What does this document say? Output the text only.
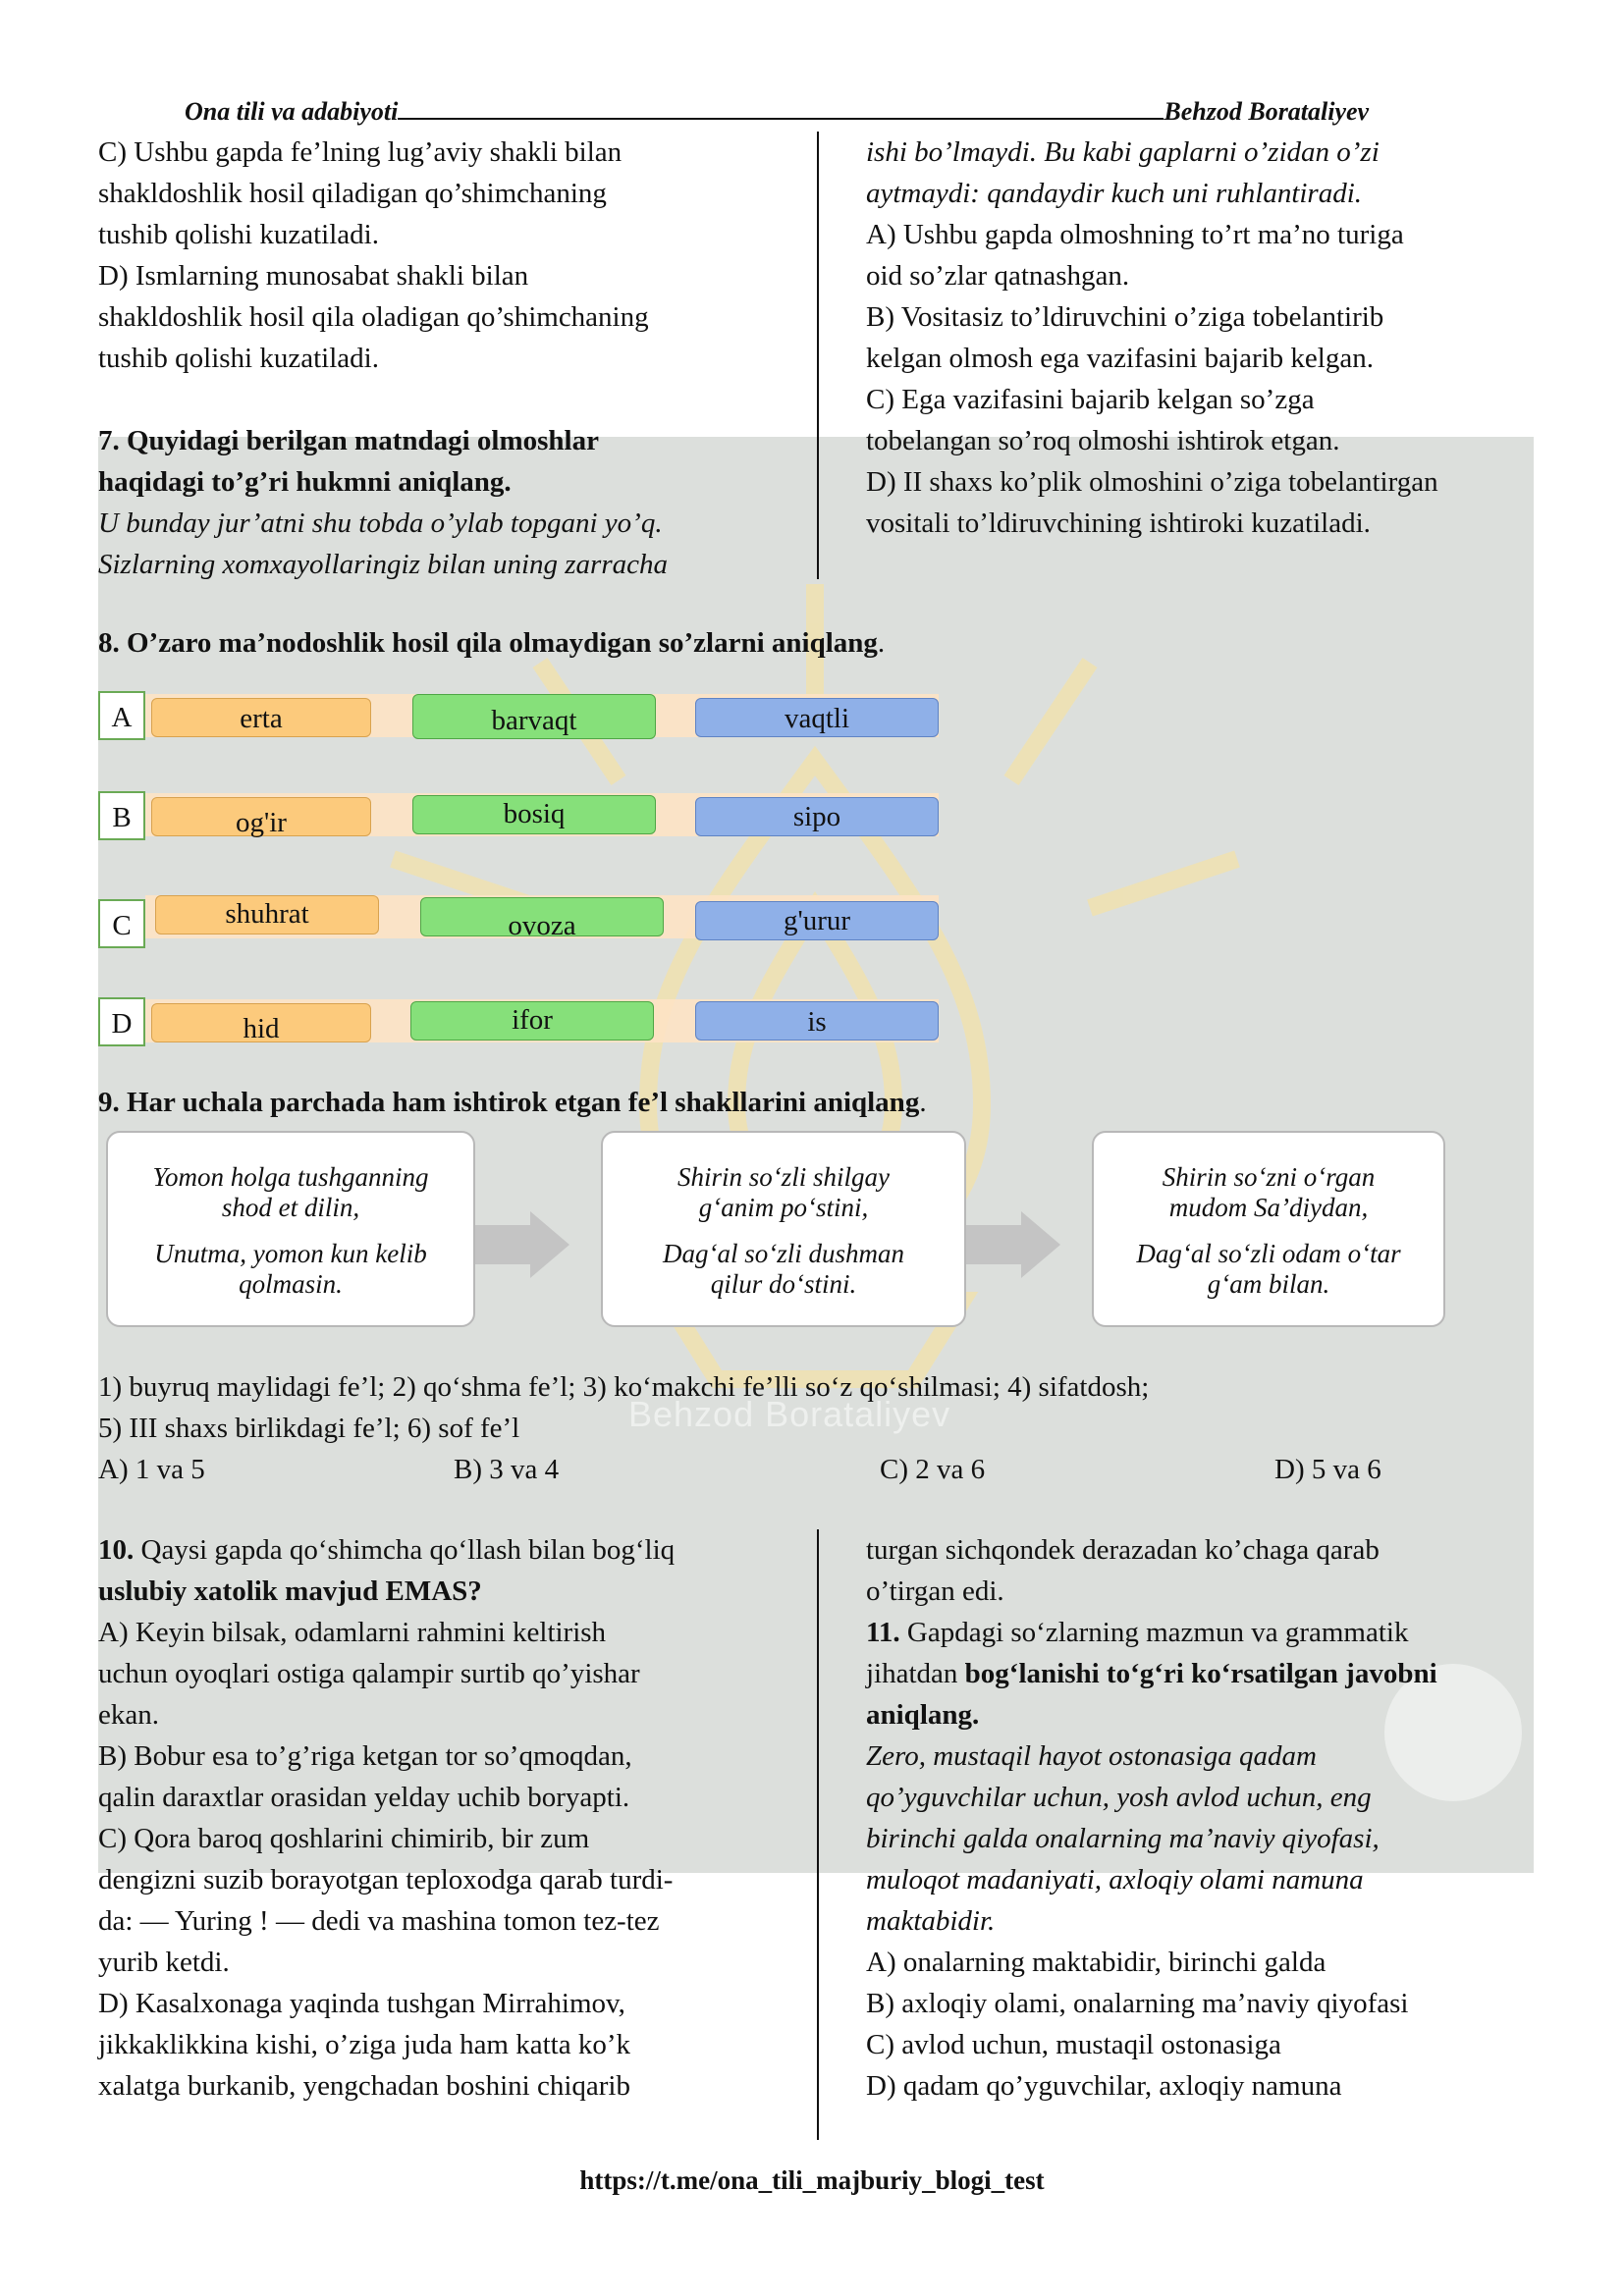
Behzod Borataliyev
Ona tili va adabiyoti	Behzod Borataliyev

C) Ushbu gapda fe’lning lug’aviy shakli bilan

shakldoshlik hosil qiladigan qo’shimchaning

tushib qolishi kuzatiladi.

D) Ismlarning munosabat shakli bilan

shakldoshlik hosil qila oladigan qo’shimchaning

tushib qolishi kuzatiladi.

7. Quyidagi berilgan matndagi olmoshlar

haqidagi to’g’ri hukmni aniqlang.

U bunday jur’atni shu tobda o’ylab topgani yo’q.

Sizlarning xomxayollaringiz bilan uning zarracha

ishi bo’lmaydi. Bu kabi gaplarni o’zidan o’zi

aytmaydi: qandaydir kuch uni ruhlantiradi.

A) Ushbu gapda olmoshning to’rt ma’no turiga

oid so’zlar qatnashgan.

B) Vositasiz to’ldiruvchini o’ziga tobelantirib

kelgan olmosh ega vazifasini bajarib kelgan.

C) Ega vazifasini bajarib kelgan so’zga

tobelangan so’roq olmoshi ishtirok etgan.

D) II shaxs ko’plik olmoshini o’ziga tobelantirgan

vositali to’ldiruvchining ishtiroki kuzatiladi.

8. O’zaro ma’nodoshlik hosil qila olmaydigan so’zlarni aniqlang.
A	erta	barvaqt	vaqtli
B	og'ir	bosiq	sipo
C	shuhrat	ovoza	g'urur
D	hid	ifor	is
9. Har uchala parchada ham ishtirok etgan fe’l shakllarini aniqlang.
Yomon holga tushganning
shod et dilin,
Unutma, yomon kun kelib
qolmasin.
Shirin so‘zli shilgay
g‘anim po‘stini,
Dag‘al so‘zli dushman
qilur do‘stini.
Shirin so‘zni o‘rgan
mudom Sa’diydan,
Dag‘al so‘zli odam o‘tar
g‘am bilan.
1) buyruq maylidagi fe’l; 2) qo‘shma fe’l; 3) ko‘makchi fe’lli so‘z qo‘shilmasi; 4) sifatdosh;
5) III shaxs birlikdagi fe’l; 6) sof fe’l
A) 1 va 5	B) 3 va 4	C) 2 va 6	D) 5 va 6

10. Qaysi gapda qo‘shimcha qo‘llash bilan bog‘liq

uslubiy xatolik mavjud EMAS?

A) Keyin bilsak, odamlarni rahmini keltirish

uchun oyoqlari ostiga qalampir surtib qo’yishar

ekan.

B) Bobur esa to’g’riga ketgan tor so’qmoqdan,

qalin daraxtlar orasidan yelday uchib boryapti.

C) Qora baroq qoshlarini chimirib, bir zum

dengizni suzib borayotgan teploxodga qarab turdi-

da: ― Yuring ! ― dedi va mashina tomon tez-tez

yurib ketdi.

D) Kasalxonaga yaqinda tushgan Mirrahimov,

jikkaklikkina kishi, o’ziga juda ham katta ko’k

xalatga burkanib, yengchadan boshini chiqarib

turgan sichqondek derazadan ko’chaga qarab

o’tirgan edi.

11. Gapdagi so‘zlarning mazmun va grammatik

jihatdan bog‘lanishi to‘g‘ri ko‘rsatilgan javobni

aniqlang.

Zero, mustaqil hayot ostonasiga qadam

qo’yguvchilar uchun, yosh avlod uchun, eng

birinchi galda onalarning ma’naviy qiyofasi,

muloqot madaniyati, axloqiy olami namuna

maktabidir.

A) onalarning maktabidir, birinchi galda

B) axloqiy olami, onalarning ma’naviy qiyofasi

C) avlod uchun, mustaqil ostonasiga

D) qadam qo’yguvchilar, axloqiy namuna

https://t.me/ona_tili_majburiy_blogi_test
